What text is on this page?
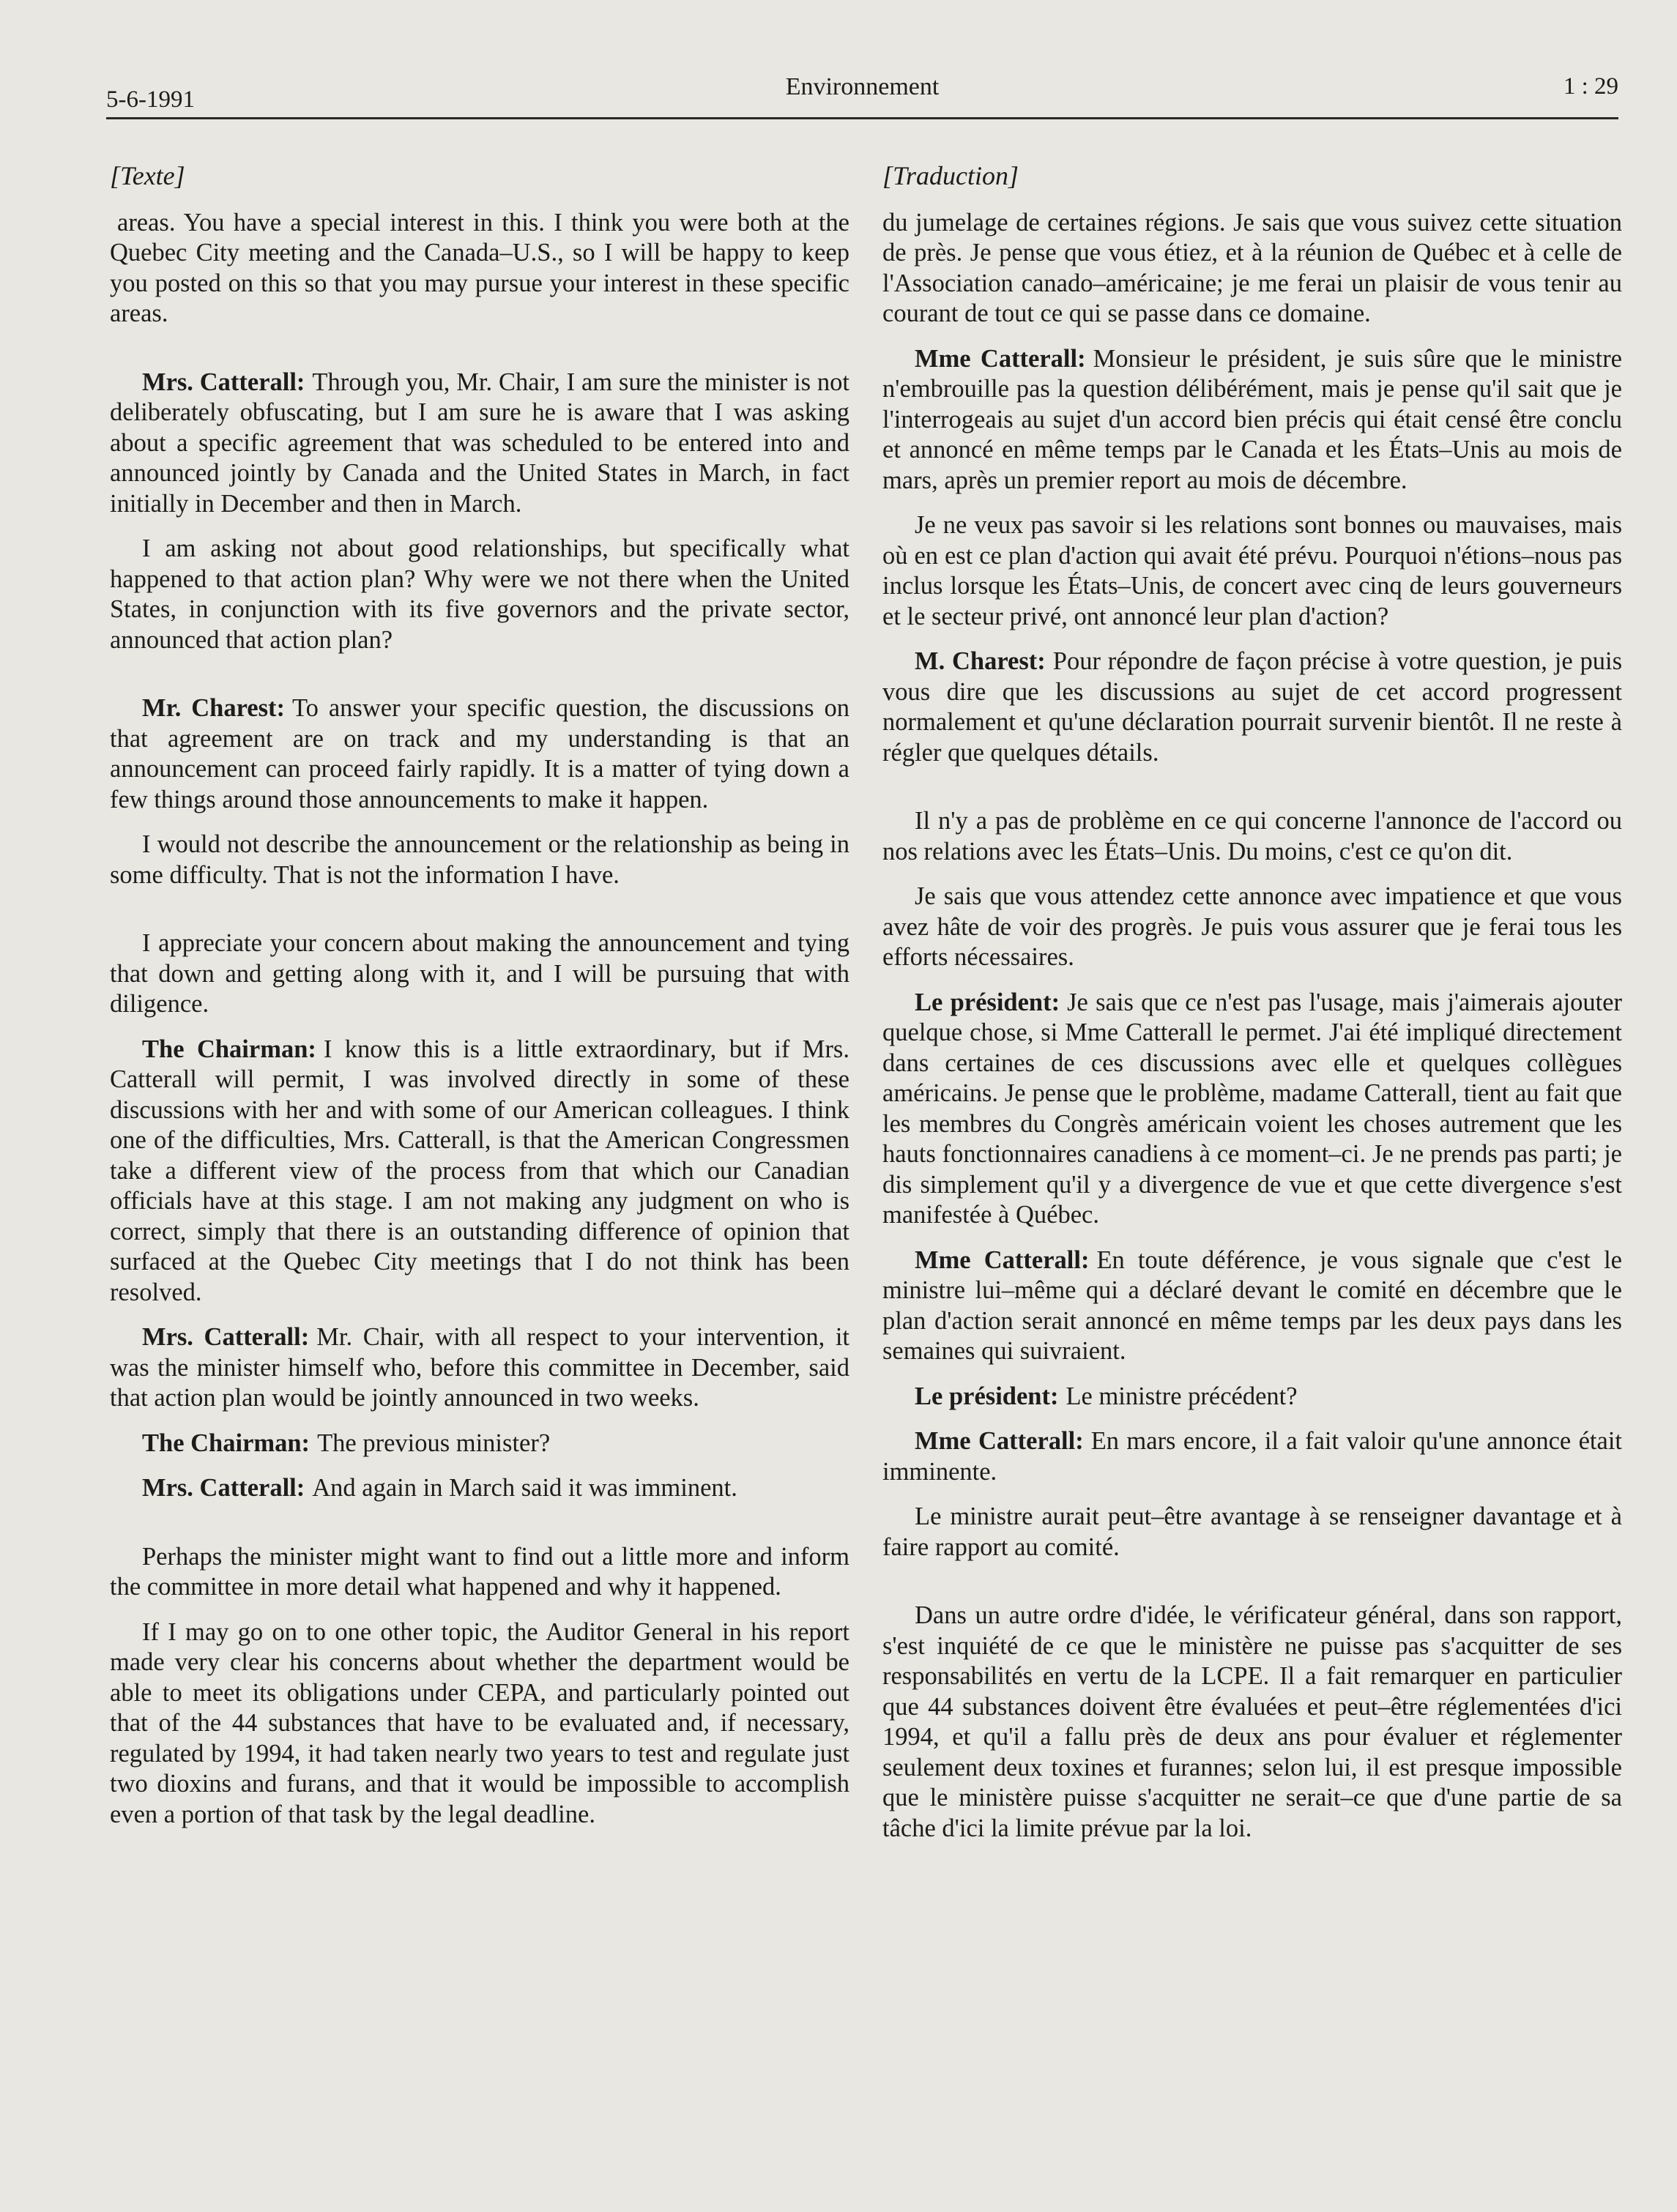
5-6-1991	Environnement	1 : 29
[Texte]

areas. You have a special interest in this. I think you were both at the Quebec City meeting and the Canada–U.S., so I will be happy to keep you posted on this so that you may pursue your interest in these specific areas.

Mrs. Catterall: Through you, Mr. Chair, I am sure the minister is not deliberately obfuscating, but I am sure he is aware that I was asking about a specific agreement that was scheduled to be entered into and announced jointly by Canada and the United States in March, in fact initially in December and then in March.

I am asking not about good relationships, but specifically what happened to that action plan? Why were we not there when the United States, in conjunction with its five governors and the private sector, announced that action plan?

Mr. Charest: To answer your specific question, the discussions on that agreement are on track and my understanding is that an announcement can proceed fairly rapidly. It is a matter of tying down a few things around those announcements to make it happen.

I would not describe the announcement or the relationship as being in some difficulty. That is not the information I have.

I appreciate your concern about making the announcement and tying that down and getting along with it, and I will be pursuing that with diligence.

The Chairman: I know this is a little extraordinary, but if Mrs. Catterall will permit, I was involved directly in some of these discussions with her and with some of our American colleagues. I think one of the difficulties, Mrs. Catterall, is that the American Congressmen take a different view of the process from that which our Canadian officials have at this stage. I am not making any judgment on who is correct, simply that there is an outstanding difference of opinion that surfaced at the Quebec City meetings that I do not think has been resolved.

Mrs. Catterall: Mr. Chair, with all respect to your intervention, it was the minister himself who, before this committee in December, said that action plan would be jointly announced in two weeks.

The Chairman: The previous minister?

Mrs. Catterall: And again in March said it was imminent.

Perhaps the minister might want to find out a little more and inform the committee in more detail what happened and why it happened.

If I may go on to one other topic, the Auditor General in his report made very clear his concerns about whether the department would be able to meet its obligations under CEPA, and particularly pointed out that of the 44 substances that have to be evaluated and, if necessary, regulated by 1994, it had taken nearly two years to test and regulate just two dioxins and furans, and that it would be impossible to accomplish even a portion of that task by the legal deadline.

[Traduction]

du jumelage de certaines régions. Je sais que vous suivez cette situation de près. Je pense que vous étiez, et à la réunion de Québec et à celle de l'Association canado–américaine; je me ferai un plaisir de vous tenir au courant de tout ce qui se passe dans ce domaine.

Mme Catterall: Monsieur le président, je suis sûre que le ministre n'embrouille pas la question délibérément, mais je pense qu'il sait que je l'interrogeais au sujet d'un accord bien précis qui était censé être conclu et annoncé en même temps par le Canada et les États–Unis au mois de mars, après un premier report au mois de décembre.

Je ne veux pas savoir si les relations sont bonnes ou mauvaises, mais où en est ce plan d'action qui avait été prévu. Pourquoi n'étions–nous pas inclus lorsque les États–Unis, de concert avec cinq de leurs gouverneurs et le secteur privé, ont annoncé leur plan d'action?

M. Charest: Pour répondre de façon précise à votre question, je puis vous dire que les discussions au sujet de cet accord progressent normalement et qu'une déclaration pourrait survenir bientôt. Il ne reste à régler que quelques détails.

Il n'y a pas de problème en ce qui concerne l'annonce de l'accord ou nos relations avec les États–Unis. Du moins, c'est ce qu'on dit.

Je sais que vous attendez cette annonce avec impatience et que vous avez hâte de voir des progrès. Je puis vous assurer que je ferai tous les efforts nécessaires.

Le président: Je sais que ce n'est pas l'usage, mais j'aimerais ajouter quelque chose, si Mme Catterall le permet. J'ai été impliqué directement dans certaines de ces discussions avec elle et quelques collègues américains. Je pense que le problème, madame Catterall, tient au fait que les membres du Congrès américain voient les choses autrement que les hauts fonctionnaires canadiens à ce moment–ci. Je ne prends pas parti; je dis simplement qu'il y a divergence de vue et que cette divergence s'est manifestée à Québec.

Mme Catterall: En toute déférence, je vous signale que c'est le ministre lui–même qui a déclaré devant le comité en décembre que le plan d'action serait annoncé en même temps par les deux pays dans les semaines qui suivraient.

Le président: Le ministre précédent?

Mme Catterall: En mars encore, il a fait valoir qu'une annonce était imminente.

Le ministre aurait peut–être avantage à se renseigner davantage et à faire rapport au comité.

Dans un autre ordre d'idée, le vérificateur général, dans son rapport, s'est inquiété de ce que le ministère ne puisse pas s'acquitter de ses responsabilités en vertu de la LCPE. Il a fait remarquer en particulier que 44 substances doivent être évaluées et peut–être réglementées d'ici 1994, et qu'il a fallu près de deux ans pour évaluer et réglementer seulement deux toxines et furannes; selon lui, il est presque impossible que le ministère puisse s'acquitter ne serait–ce que d'une partie de sa tâche d'ici la limite prévue par la loi.
